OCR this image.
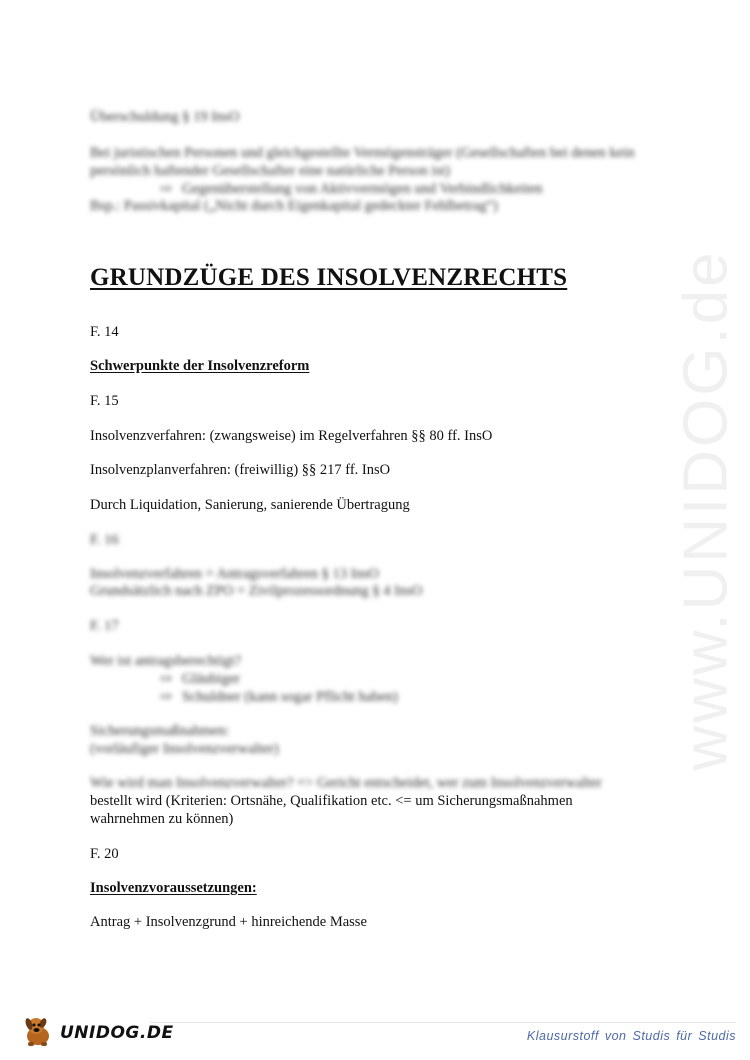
www.UNIDOG.de
Überschuldung § 19 InsO
Bei juristischen Personen und gleichgestellte Vermögensträger (Gesellschaften bei denen kein
persönlich haftender Gesellschafter eine natürliche Person ist)
⇨ Gegenüberstellung von Aktivvermögen und Verbindlichkeiten
Bsp.: Passivkapital („Nicht durch Eigenkapital gedeckter Fehlbetrag“)
GRUNDZÜGE DES INSOLVENZRECHTS
F. 14
Schwerpunkte der Insolvenzreform
F. 15
Insolvenzverfahren: (zwangsweise) im Regelverfahren §§ 80 ff. InsO
Insolvenzplanverfahren: (freiwillig) §§ 217 ff. InsO
Durch Liquidation, Sanierung, sanierende Übertragung
F. 16
Insolvenzverfahren = Antragsverfahren § 13 InsO
Grundsätzlich nach ZPO = Zivilprozessordnung § 4 InsO
F. 17
Wer ist antragsberechtigt?
⇨ Gläubiger
⇨ Schuldner (kann sogar Pflicht haben)
Sicherungsmaßnahmen:
(vorläufiger Insolvenzverwalter)
Wie wird man Insolvenzverwalter? => Gericht entscheidet, wer zum Insolvenzverwalter
bestellt wird (Kriterien: Ortsnähe, Qualifikation etc. <= um Sicherungsmaßnahmen
wahrnehmen zu können)
F. 20
Insolvenzvoraussetzungen:
Antrag + Insolvenzgrund + hinreichende Masse
UNIDOG.DE	Klausurstoff von Studis für Studis
